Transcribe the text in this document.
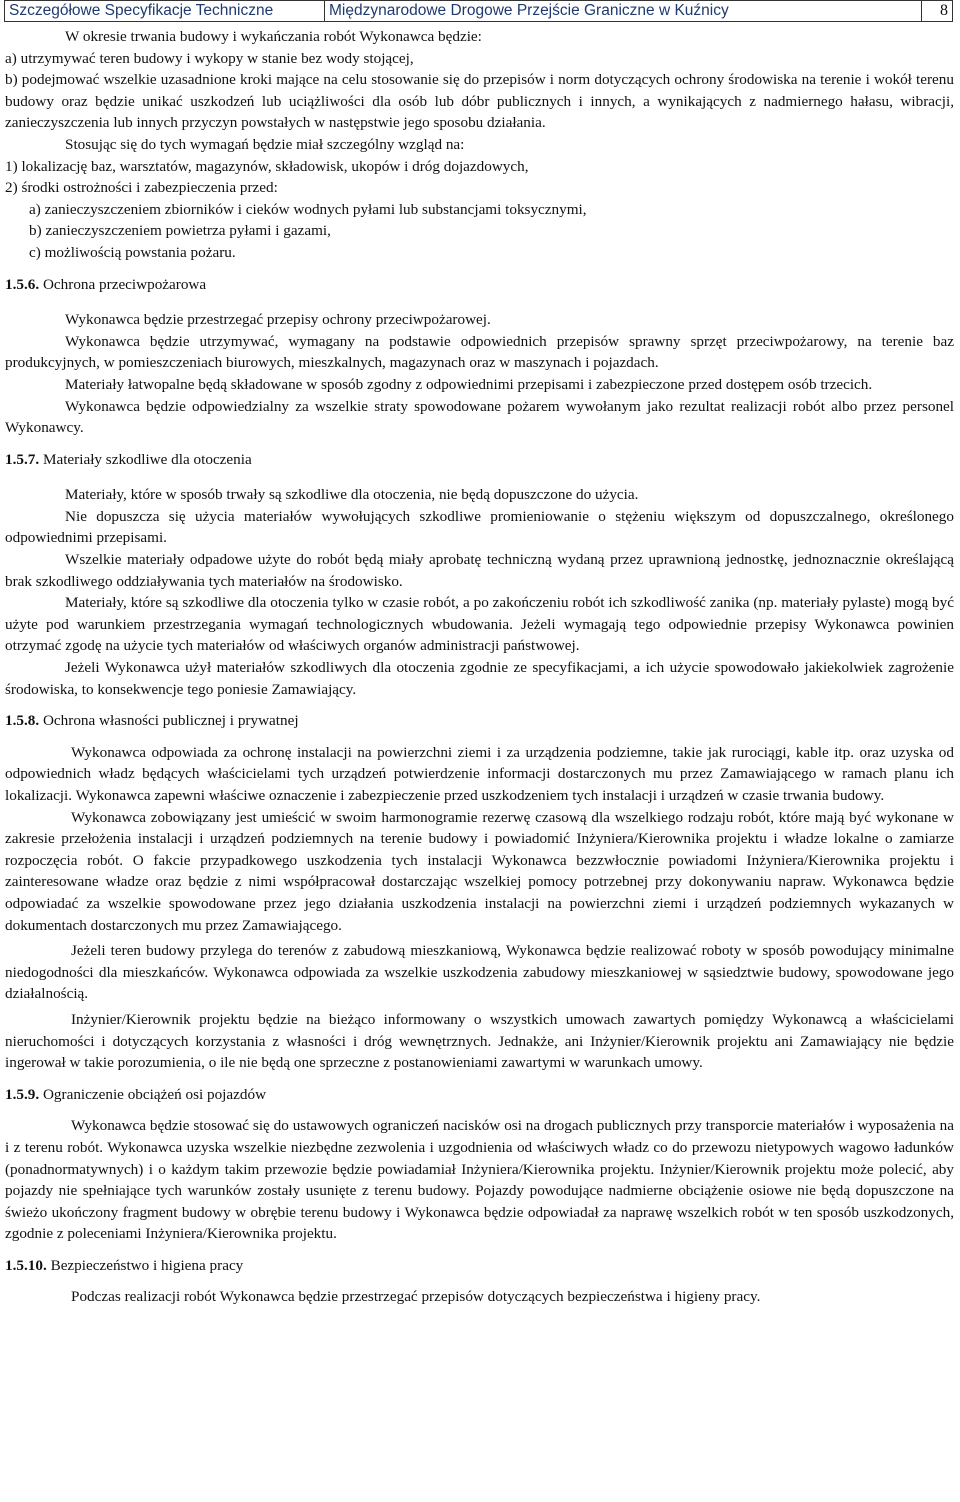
Szczegółowe Specyfikacje Techniczne	Międzynarodowe Drogowe Przejście Graniczne w Kuźnicy	8

W okresie trwania budowy i wykańczania robót Wykonawca będzie:

a) utrzymywać teren budowy i wykopy w stanie bez wody stojącej,

b) podejmować wszelkie uzasadnione kroki mające na celu stosowanie się do przepisów i norm dotyczących ochrony środowiska na terenie i wokół terenu budowy oraz będzie unikać uszkodzeń lub uciążliwości dla osób lub dóbr publicznych i innych, a wynikających z nadmiernego hałasu, wibracji, zanieczyszczenia lub innych przyczyn powstałych w następstwie jego sposobu działania.

Stosując się do tych wymagań będzie miał szczególny wzgląd na:

1) lokalizację baz, warsztatów, magazynów, składowisk, ukopów i dróg dojazdowych,

2) środki ostrożności i zabezpieczenia przed:

a) zanieczyszczeniem zbiorników i cieków wodnych pyłami lub substancjami toksycznymi,

b) zanieczyszczeniem powietrza pyłami i gazami,

c) możliwością powstania pożaru.

1.5.6. Ochrona przeciwpożarowa

Wykonawca będzie przestrzegać przepisy ochrony przeciwpożarowej.

Wykonawca będzie utrzymywać, wymagany na podstawie odpowiednich przepisów sprawny sprzęt przeciwpożarowy, na terenie baz produkcyjnych, w pomieszczeniach biurowych, mieszkalnych, magazynach oraz w maszynach i pojazdach.

Materiały łatwopalne będą składowane w sposób zgodny z odpowiednimi przepisami i zabezpieczone przed dostępem osób trzecich.

Wykonawca będzie odpowiedzialny za wszelkie straty spowodowane pożarem wywołanym jako rezultat realizacji robót albo przez personel Wykonawcy.

1.5.7. Materiały szkodliwe dla otoczenia

Materiały, które w sposób trwały są szkodliwe dla otoczenia, nie będą dopuszczone do użycia.

Nie dopuszcza się użycia materiałów wywołujących szkodliwe promieniowanie o stężeniu większym od dopuszczalnego, określonego odpowiednimi przepisami.

Wszelkie materiały odpadowe użyte do robót będą miały aprobatę techniczną wydaną przez uprawnioną jednostkę, jednoznacznie określającą brak szkodliwego oddziaływania tych materiałów na środowisko.

Materiały, które są szkodliwe dla otoczenia tylko w czasie robót, a po zakończeniu robót ich szkodliwość zanika (np. materiały pylaste) mogą być użyte pod warunkiem przestrzegania wymagań technologicznych wbudowania. Jeżeli wymagają tego odpowiednie przepisy Wykonawca powinien otrzymać zgodę na użycie tych materiałów od właściwych organów administracji państwowej.

Jeżeli Wykonawca użył materiałów szkodliwych dla otoczenia zgodnie ze specyfikacjami, a ich użycie spowodowało jakiekolwiek zagrożenie środowiska, to konsekwencje tego poniesie Zamawiający.

1.5.8. Ochrona własności publicznej i prywatnej

Wykonawca odpowiada za ochronę instalacji na powierzchni ziemi i za urządzenia podziemne, takie jak rurociągi, kable itp. oraz uzyska od odpowiednich władz będących właścicielami tych urządzeń potwierdzenie informacji dostarczonych mu przez Zamawiającego w ramach planu ich lokalizacji. Wykonawca zapewni właściwe oznaczenie i zabezpieczenie przed uszkodzeniem tych instalacji i urządzeń w czasie trwania budowy.

Wykonawca zobowiązany jest umieścić w swoim harmonogramie rezerwę czasową dla wszelkiego rodzaju robót, które mają być wykonane w zakresie przełożenia instalacji i urządzeń podziemnych na terenie budowy i powiadomić Inżyniera/Kierownika projektu i władze lokalne o zamiarze rozpoczęcia robót. O fakcie przypadkowego uszkodzenia tych instalacji Wykonawca bezzwłocznie powiadomi Inżyniera/Kierownika projektu i zainteresowane władze oraz będzie z nimi współpracował dostarczając wszelkiej pomocy potrzebnej przy dokonywaniu napraw. Wykonawca będzie odpowiadać za wszelkie spowodowane przez jego działania uszkodzenia instalacji na powierzchni ziemi i urządzeń podziemnych wykazanych w dokumentach dostarczonych mu przez Zamawiającego.

Jeżeli teren budowy przylega do terenów z zabudową mieszkaniową, Wykonawca będzie realizować roboty w sposób powodujący minimalne niedogodności dla mieszkańców. Wykonawca odpowiada za wszelkie uszkodzenia zabudowy mieszkaniowej w sąsiedztwie budowy, spowodowane jego działalnością.

Inżynier/Kierownik projektu będzie na bieżąco informowany o wszystkich umowach zawartych pomiędzy Wykonawcą a właścicielami nieruchomości i dotyczących korzystania z własności i dróg wewnętrznych. Jednakże, ani Inżynier/Kierownik projektu ani Zamawiający nie będzie ingerował w takie porozumienia, o ile nie będą one sprzeczne z postanowieniami zawartymi w warunkach umowy.

1.5.9. Ograniczenie obciążeń osi pojazdów

Wykonawca będzie stosować się do ustawowych ograniczeń nacisków osi na drogach publicznych przy transporcie materiałów i wyposażenia na i z terenu robót. Wykonawca uzyska wszelkie niezbędne zezwolenia i uzgodnienia od właściwych władz co do przewozu nietypowych wagowo ładunków (ponadnormatywnych) i o każdym takim przewozie będzie powiadamiał Inżyniera/Kierownika projektu. Inżynier/Kierownik projektu może polecić, aby pojazdy nie spełniające tych warunków zostały usunięte z terenu budowy. Pojazdy powodujące nadmierne obciążenie osiowe nie będą dopuszczone na świeżo ukończony fragment budowy w obrębie terenu budowy i Wykonawca będzie odpowiadał za naprawę wszelkich robót w ten sposób uszkodzonych, zgodnie z poleceniami Inżyniera/Kierownika projektu.

1.5.10. Bezpieczeństwo i higiena pracy

Podczas realizacji robót Wykonawca będzie przestrzegać przepisów dotyczących bezpieczeństwa i higieny pracy.
